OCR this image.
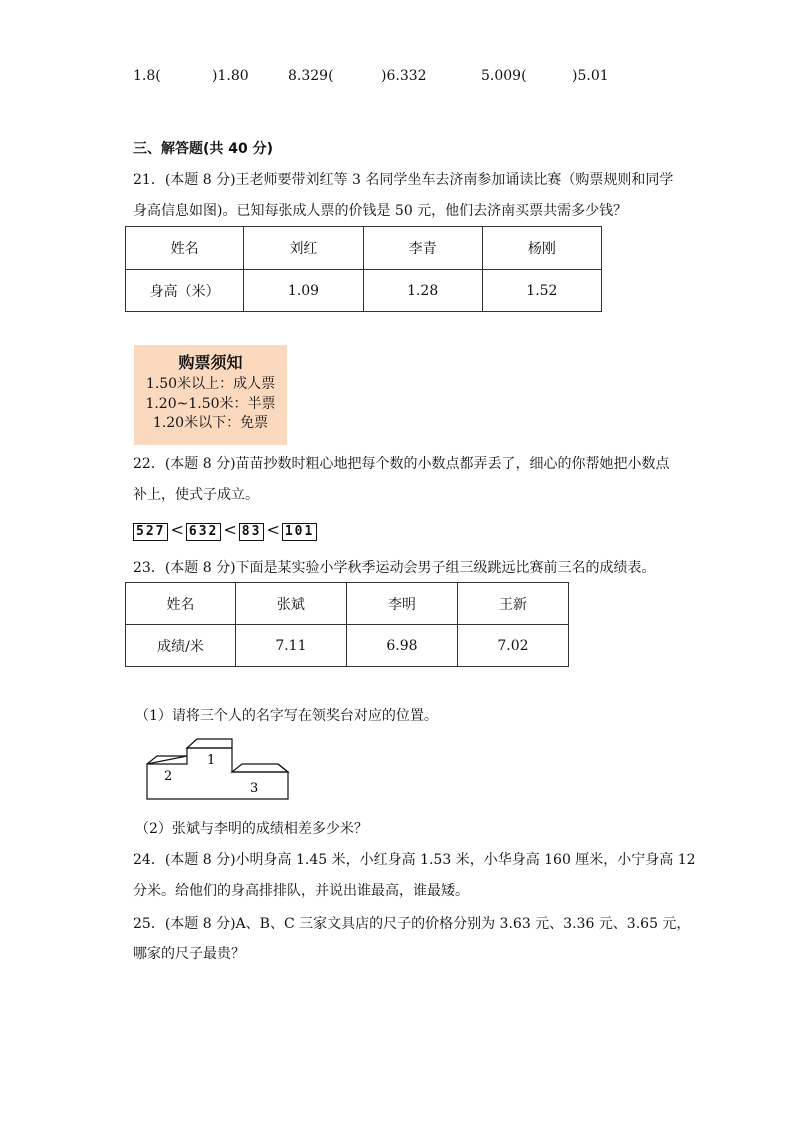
1.8(	)1.80	8.329(	)6.332	5.009(	)5.01
三、解答题(共 40 分)
21．(本题 8 分)王老师要带刘红等 3 名同学坐车去济南参加诵读比赛（购票规则和同学
身高信息如图)。已知每张成人票的价钱是 50 元，他们去济南买票共需多少钱？
姓名	刘红	李青	杨刚
身高（米）	1.09	1.28	1.52
购票须知
1.50米以上：成人票
1.20~1.50米：半票
1.20米以下：免票
22．(本题 8 分)苗苗抄数时粗心地把每个数的小数点都弄丢了，细心的你帮她把小数点
补上，使式子成立。
527 < 632 < 83 < 101
23．(本题 8 分)下面是某实验小学秋季运动会男子组三级跳远比赛前三名的成绩表。
姓名	张斌	李明	王新
成绩/米	7.11	6.98	7.02
（1）请将三个人的名字写在领奖台对应的位置。
1
2
3
（2）张斌与李明的成绩相差多少米？
24．(本题 8 分)小明身高 1.45 米，小红身高 1.53 米，小华身高 160 厘米，小宁身高 12
分米。给他们的身高排排队，并说出谁最高，谁最矮。
25．(本题 8 分)A、B、C 三家文具店的尺子的价格分别为 3.63 元、3.36 元、3.65 元，
哪家的尺子最贵？
